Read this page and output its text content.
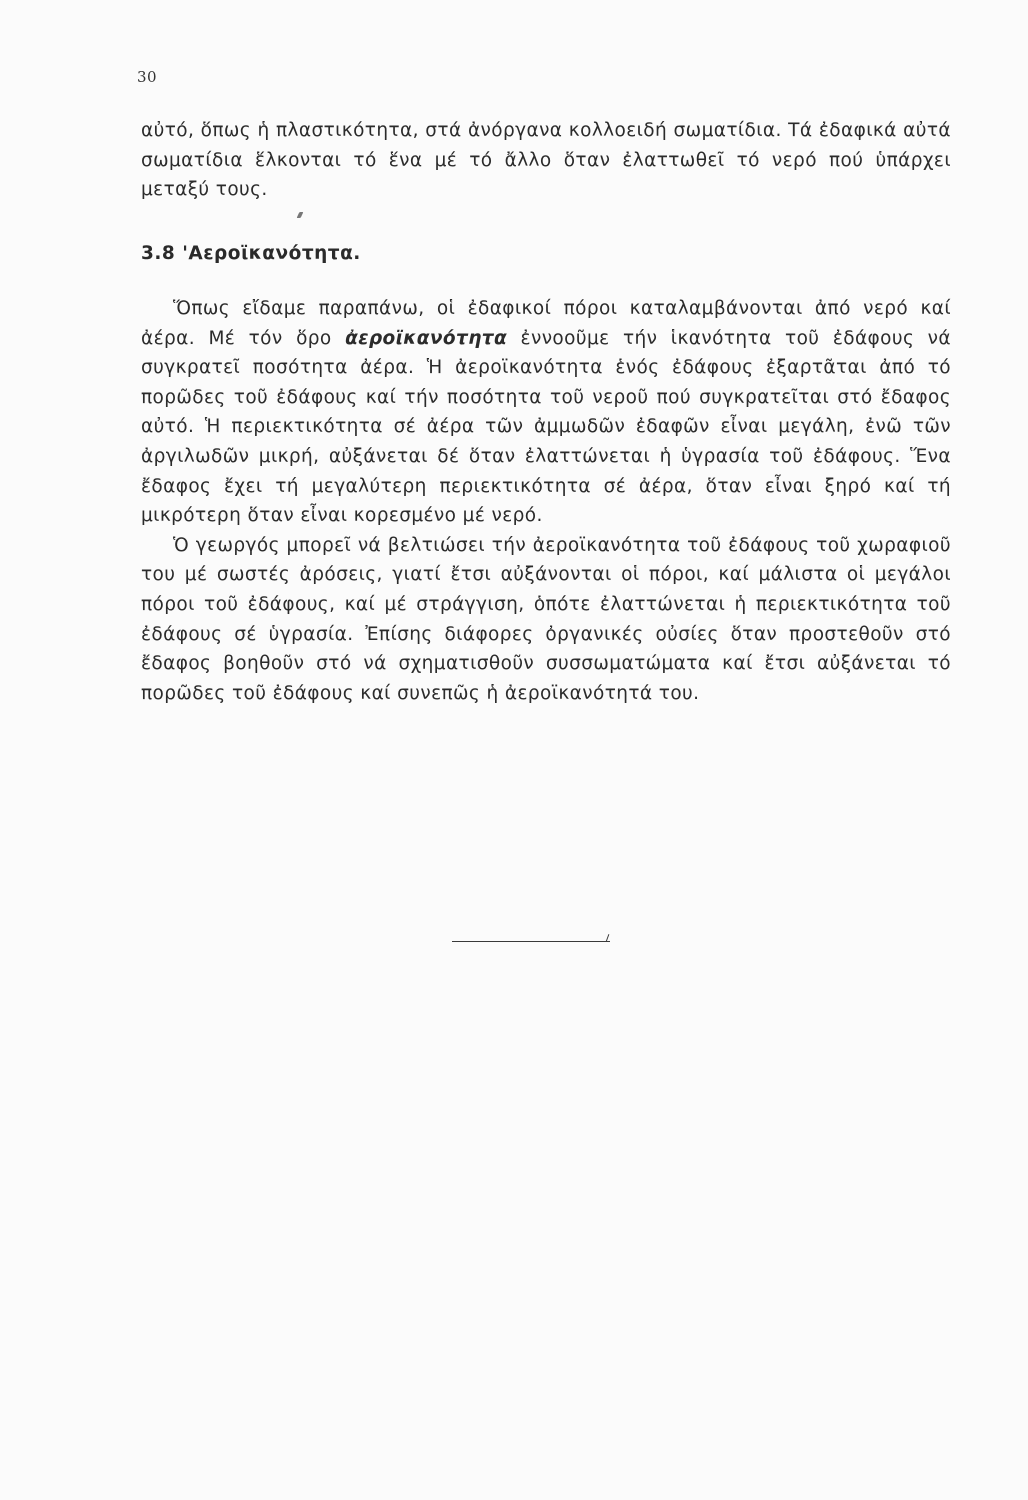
30

αὐτό, ὅπως ἡ πλαστικότητα, στά ἀνόργανα κολλοειδή σωματίδια. Τά ἐδαφικά αὐτά σωματίδια ἕλκονται τό ἕνα μέ τό ἄλλο ὅταν ἐλαττωθεῖ τό νερό πού ὑπάρχει μεταξύ τους.

3.8 'Αεροϊκανότητα.

Ὅπως εἴδαμε παραπάνω, οἱ ἐδαφικοί πόροι καταλαμβάνονται ἀπό νερό καί ἀέρα. Μέ τόν ὅρο ἀεροϊκανότητα ἐννοοῦμε τήν ἱκανότητα τοῦ ἐδάφους νά συγκρατεῖ ποσότητα ἀέρα. Ἡ ἀεροϊκανότητα ἑνός ἐδάφους ἐξαρτᾶται ἀπό τό πορῶδες τοῦ ἐδάφους καί τήν ποσότητα τοῦ νεροῦ πού συγκρατεῖται στό ἔδαφος αὐτό. Ἡ περιεκτικότητα σέ ἀέρα τῶν ἀμμωδῶν ἐδαφῶν εἶναι μεγάλη, ἐνῶ τῶν ἀργιλωδῶν μικρή, αὐξάνεται δέ ὅταν ἐλαττώνεται ἡ ὑγρασία τοῦ ἐδάφους. Ἕνα ἔδαφος ἔχει τή μεγαλύτερη περιεκτικότητα σέ ἀέρα, ὅταν εἶναι ξηρό καί τή μικρότερη ὅταν εἶναι κορεσμένο μέ νερό.

Ὁ γεωργός μπορεῖ νά βελτιώσει τήν ἀεροϊκανότητα τοῦ ἐδάφους τοῦ χωραφιοῦ του μέ σωστές ἀρόσεις, γιατί ἔτσι αὐξάνονται οἱ πόροι, καί μάλιστα οἱ μεγάλοι πόροι τοῦ ἐδάφους, καί μέ στράγγιση, ὁπότε ἐλαττώνεται ἡ περιεκτικότητα τοῦ ἐδάφους σέ ὑγρασία. Ἐπίσης διάφορες ὀργανικές οὐσίες ὅταν προστεθοῦν στό ἔδαφος βοηθοῦν στό νά σχηματισθοῦν συσσωματώματα καί ἔτσι αὐξάνεται τό πορῶδες τοῦ ἐδάφους καί συνεπῶς ἡ ἀεροϊκανότητά του.
